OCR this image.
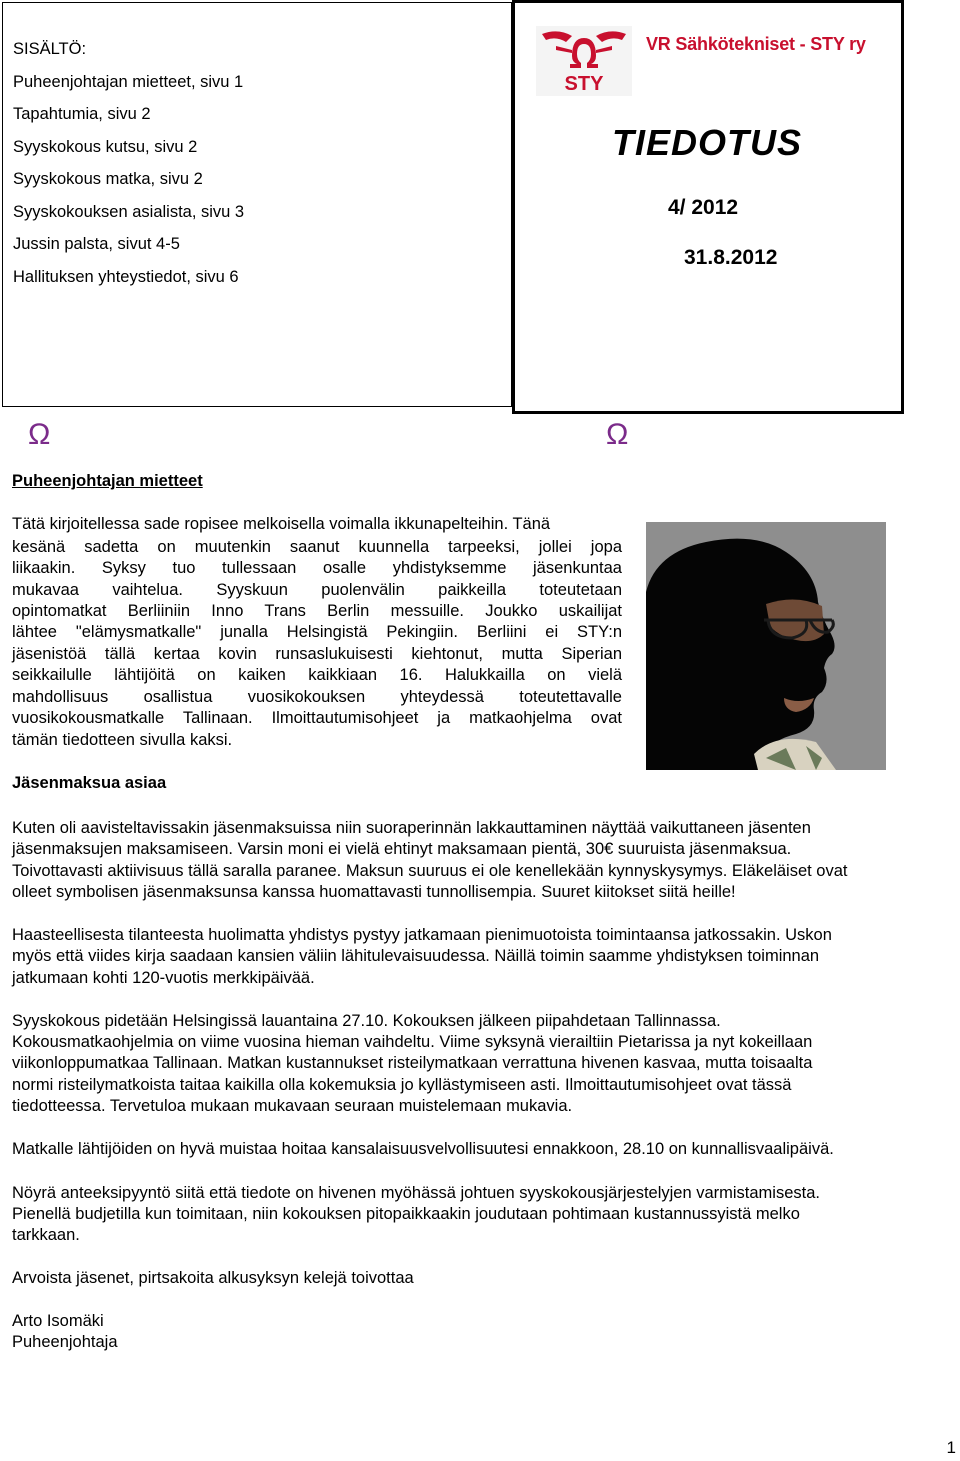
SISÄLTÖ:
Puheenjohtajan mietteet, sivu 1
Tapahtumia, sivu 2
Syyskokous kutsu, sivu 2
Syyskokous matka, sivu 2
Syyskokouksen asialista, sivu 3
Jussin palsta, sivut 4-5
Hallituksen yhteystiedot, sivu 6
STY
VR Sähkötekniset - STY ry
TIEDOTUS
4/ 2012
31.8.2012
Ω	Ω
Puheenjohtajan mietteet
Tätä kirjoitellessa sade ropisee melkoisella voimalla ikkunapelteihin. Tänä
kesänä sadetta on muutenkin saanut kuunnella tarpeeksi, jollei jopa
liikaakin. Syksy tuo tullessaan osalle yhdistyksemme jäsenkuntaa
mukavaa vaihtelua. Syyskuun puolenvälin paikkeilla toteutetaan
opintomatkat Berliiniin Inno Trans Berlin messuille. Joukko uskailijat
lähtee "elämysmatkalle" junalla Helsingistä Pekingiin. Berliini ei STY:n
jäsenistöä tällä kertaa kovin runsaslukuisesti kiehtonut, mutta Siperian
seikkailulle lähtijöitä on kaiken kaikkiaan 16. Halukkailla on vielä
mahdollisuus osallistua vuosikokouksen yhteydessä toteutettavalle
vuosikokousmatkalle Tallinaan. Ilmoittautumisohjeet ja matkaohjelma ovat
tämän tiedotteen sivulla kaksi.
Jäsenmaksua asiaa
Kuten oli aavisteltavissakin jäsenmaksuissa niin suoraperinnän lakkauttaminen näyttää vaikuttaneen jäsenten
jäsenmaksujen maksamiseen. Varsin moni ei vielä ehtinyt maksamaan pientä, 30€ suuruista jäsenmaksua.
Toivottavasti aktiivisuus tällä saralla paranee. Maksun suuruus ei ole kenellekään kynnyskysymys. Eläkeläiset ovat
olleet symbolisen jäsenmaksunsa kanssa huomattavasti tunnollisempia. Suuret kiitokset siitä heille!
Haasteellisesta tilanteesta huolimatta yhdistys pystyy jatkamaan pienimuotoista toimintaansa jatkossakin. Uskon
myös että viides kirja saadaan kansien väliin lähitulevaisuudessa. Näillä toimin saamme yhdistyksen toiminnan
jatkumaan kohti 120-vuotis merkkipäivää.
Syyskokous pidetään Helsingissä lauantaina 27.10. Kokouksen jälkeen piipahdetaan Tallinnassa.
Kokousmatkaohjelmia on viime vuosina hieman vaihdeltu. Viime syksynä vierailtiin Pietarissa ja nyt kokeillaan
viikonloppumatkaa Tallinaan. Matkan kustannukset risteilymatkaan verrattuna hivenen kasvaa, mutta toisaalta
normi risteilymatkoista taitaa kaikilla olla kokemuksia jo kyllästymiseen asti. Ilmoittautumisohjeet ovat tässä
tiedotteessa. Tervetuloa mukaan mukavaan seuraan muistelemaan mukavia.
Matkalle lähtijöiden on hyvä muistaa hoitaa kansalaisuusvelvollisuutesi ennakkoon, 28.10 on kunnallisvaalipäivä.
Nöyrä anteeksipyyntö siitä että tiedote on hivenen myöhässä johtuen syyskokousjärjestelyjen varmistamisesta.
Pienellä budjetilla kun toimitaan, niin kokouksen pitopaikkaakin joudutaan pohtimaan kustannussyistä melko
tarkkaan.
Arvoista jäsenet, pirtsakoita alkusyksyn kelejä toivottaa
Arto Isomäki
Puheenjohtaja
1
